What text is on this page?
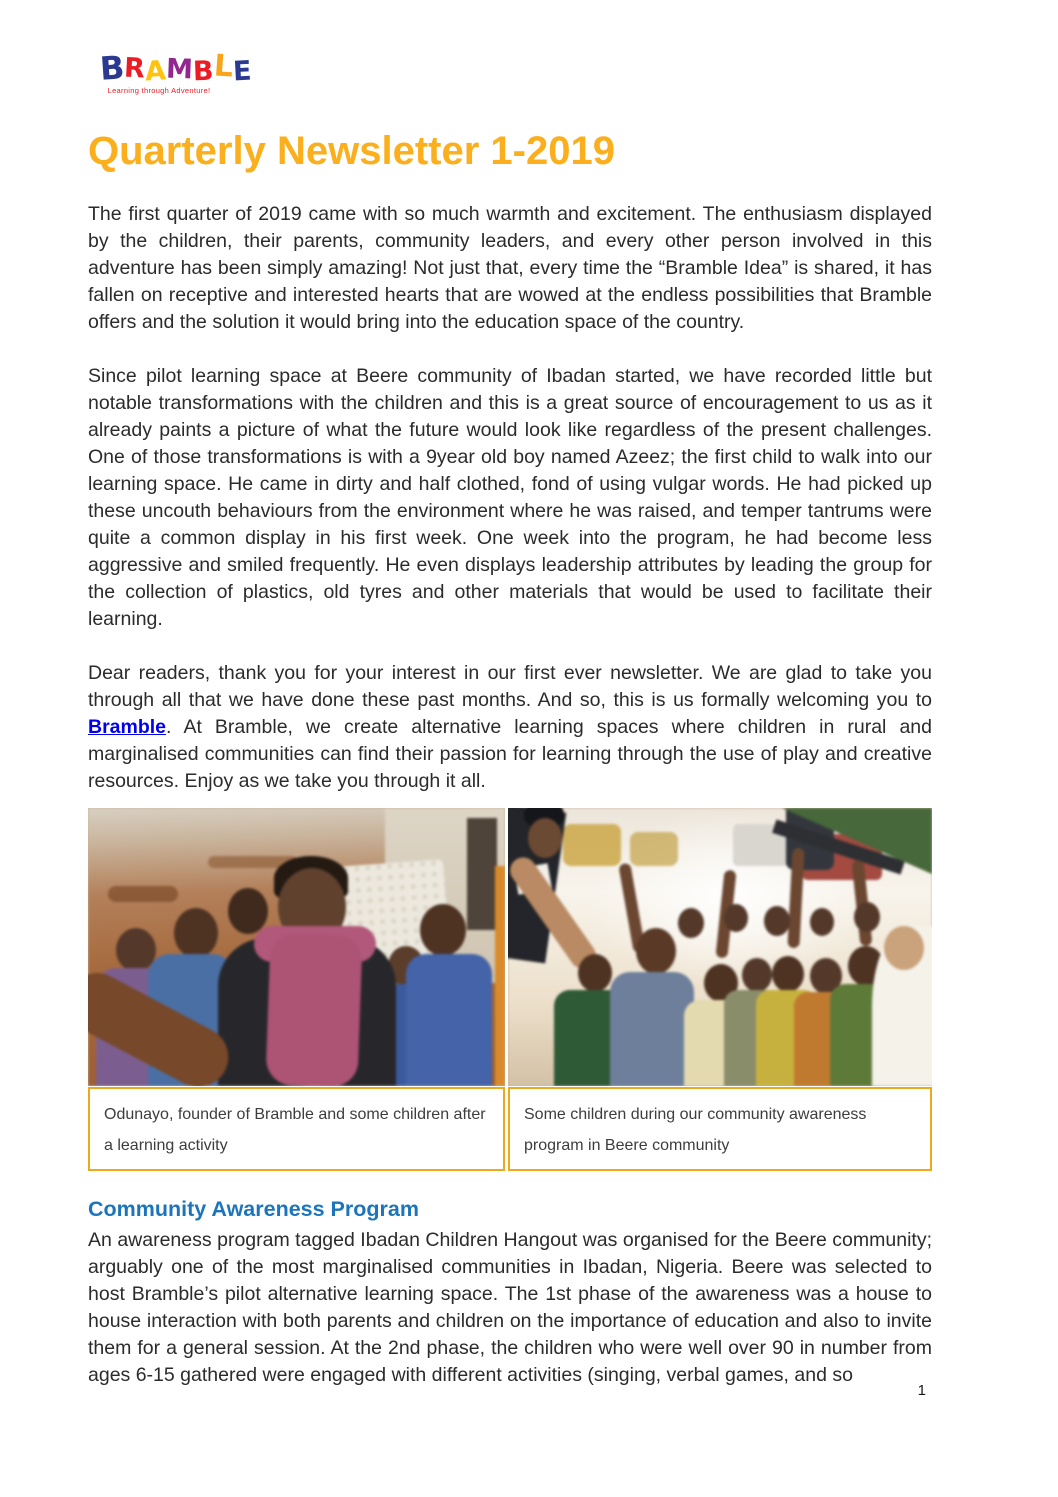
B
R
A
M
B
L
E
Learning through Adventure!
Quarterly Newsletter 1-2019

The first quarter of 2019 came with so much warmth and excitement. The enthusiasm displayed by the children, their parents, community leaders, and every other person involved in this adventure has been simply amazing! Not just that, every time the “Bramble Idea” is shared, it has fallen on receptive and interested hearts that are wowed at the endless possibilities that Bramble offers and the solution it would bring into the education space of the country.

Since pilot learning space at Beere community of Ibadan started, we have recorded little but notable transformations with the children and this is a great source of encouragement to us as it already paints a picture of what the future would look like regardless of the present challenges. One of those transformations is with a 9year old boy named Azeez; the first child to walk into our learning space. He came in dirty and half clothed, fond of using vulgar words. He had picked up these uncouth behaviours from the environment where he was raised, and temper tantrums were quite a common display in his first week. One week into the program, he had become less aggressive and smiled frequently. He even displays leadership attributes by leading the group for the collection of plastics, old tyres and other materials that would be used to facilitate their learning.

Dear readers, thank you for your interest in our first ever newsletter. We are glad to take you through all that we have done these past months. And so, this is us formally welcoming you to Bramble. At Bramble, we create alternative learning spaces where children in rural and marginalised communities can find their passion for learning through the use of play and creative resources. Enjoy as we take you through it all.

Odunayo, founder of Bramble and some children after a learning activity
Some children during our community awareness program in Beere community
Community Awareness Program

An awareness program tagged Ibadan Children Hangout was organised for the Beere community; arguably one of the most marginalised communities in Ibadan, Nigeria. Beere was selected to host Bramble’s pilot alternative learning space. The 1st phase of the awareness was a house to house interaction with both parents and children on the importance of education and also to invite them for a general session. At the 2nd phase, the children who were well over 90 in number from ages 6-15 gathered were engaged with different activities (singing, verbal games, and so

1
